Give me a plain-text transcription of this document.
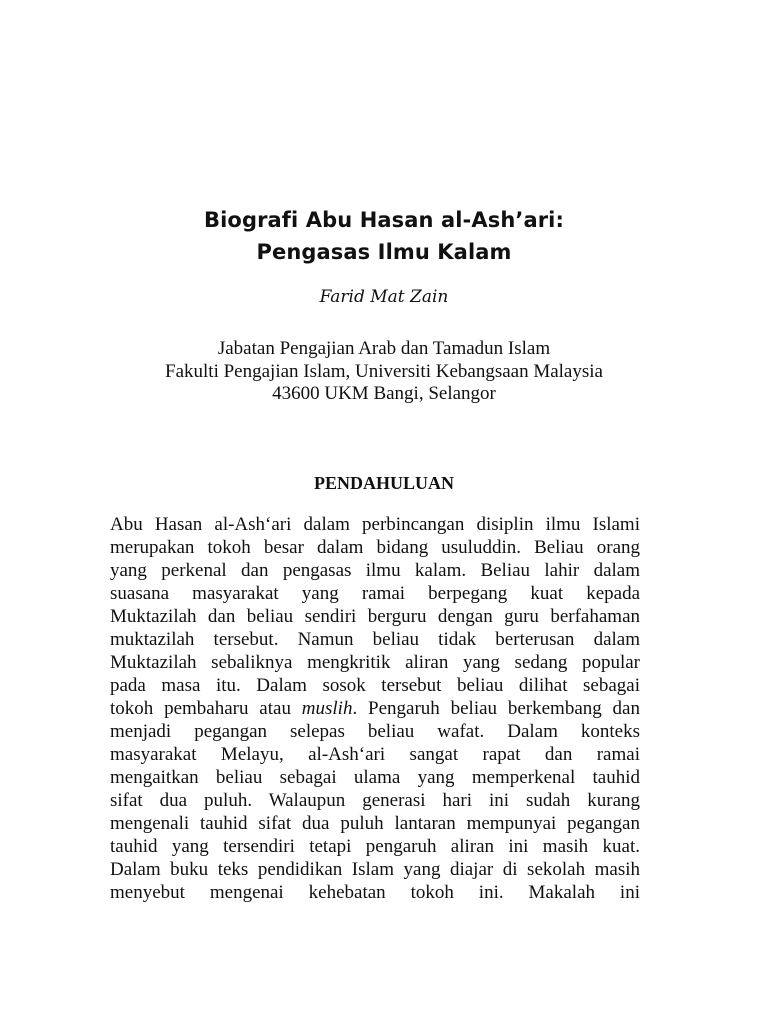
Biografi Abu Hasan al-Ash’ari:
Pengasas Ilmu Kalam
Farid Mat Zain
Jabatan Pengajian Arab dan Tamadun Islam
Fakulti Pengajian Islam, Universiti Kebangsaan Malaysia
43600 UKM Bangi, Selangor
PENDAHULUAN
Abu Hasan al-Ash‘ari dalam perbincangan disiplin ilmu Islami
merupakan tokoh besar dalam bidang usuluddin. Beliau orang
yang perkenal dan pengasas ilmu kalam. Beliau lahir dalam
suasana masyarakat yang ramai berpegang kuat kepada
Muktazilah dan beliau sendiri berguru dengan guru berfahaman
muktazilah tersebut. Namun beliau tidak berterusan dalam
Muktazilah sebaliknya mengkritik aliran yang sedang popular
pada masa itu. Dalam sosok tersebut beliau dilihat sebagai
tokoh pembaharu atau muslih. Pengaruh beliau berkembang dan
menjadi pegangan selepas beliau wafat. Dalam konteks
masyarakat Melayu, al-Ash‘ari sangat rapat dan ramai
mengaitkan beliau sebagai ulama yang memperkenal tauhid
sifat dua puluh. Walaupun generasi hari ini sudah kurang
mengenali tauhid sifat dua puluh lantaran mempunyai pegangan
tauhid yang tersendiri tetapi pengaruh aliran ini masih kuat.
Dalam buku teks pendidikan Islam yang diajar di sekolah masih
menyebut mengenai kehebatan tokoh ini. Makalah ini
